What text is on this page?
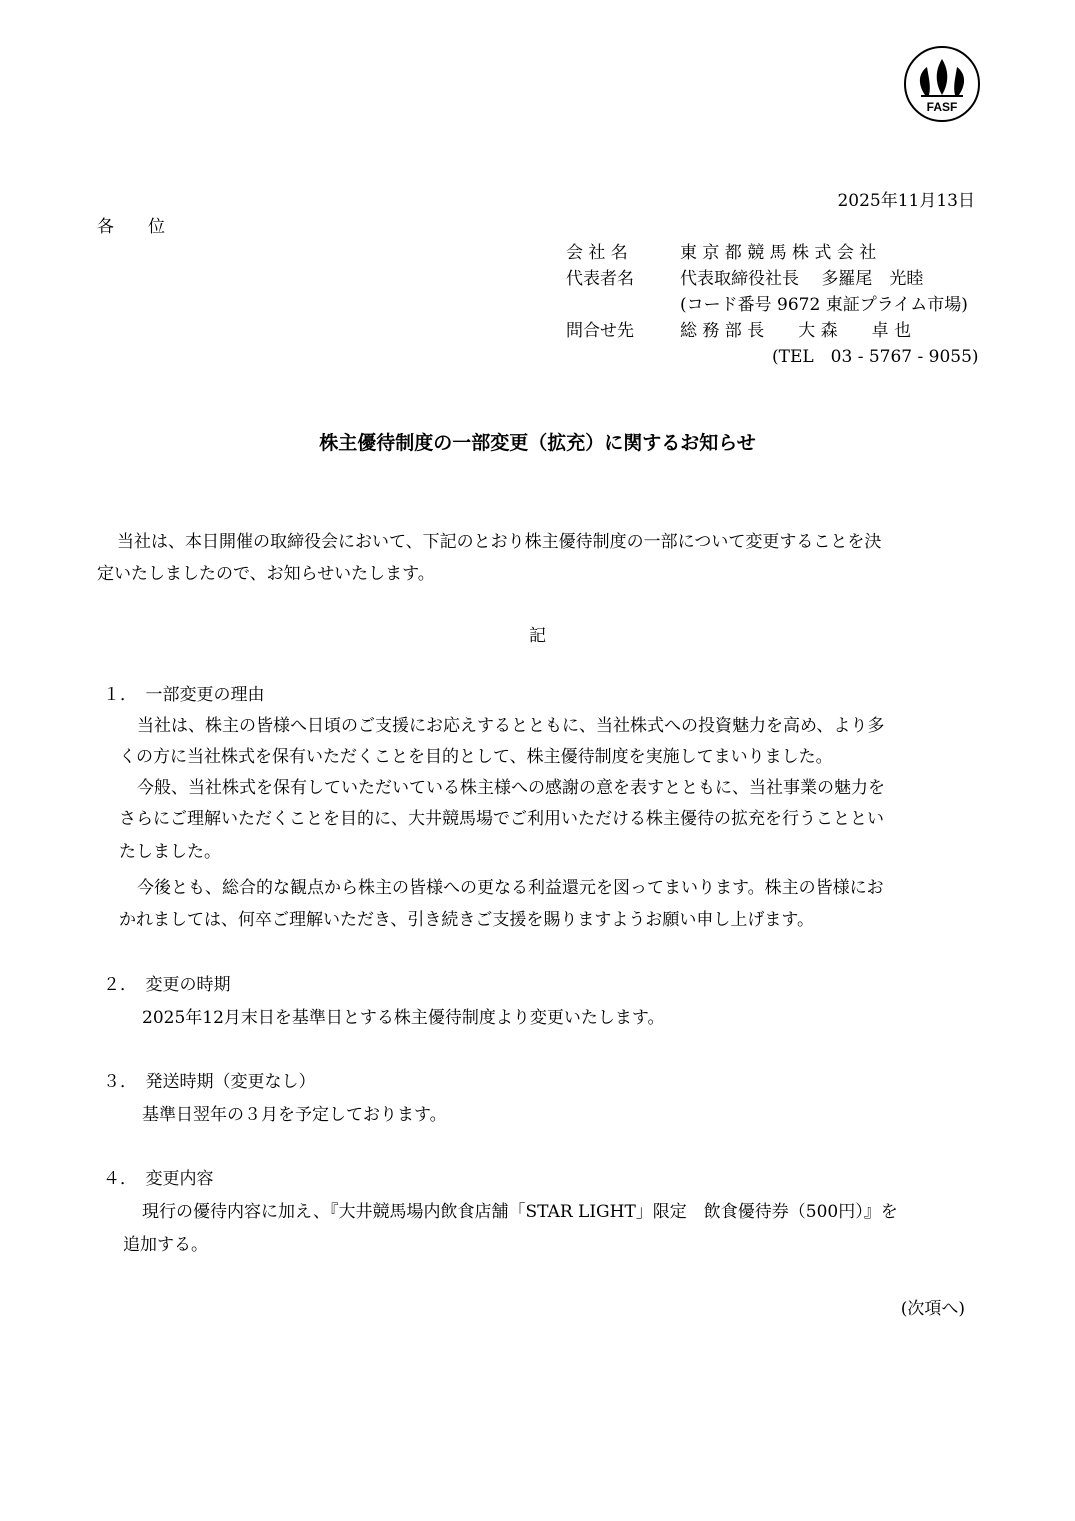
FASF
2025年11月13日
各　　位
会 社 名	東 京 都 競 馬 株 式 会 社
代表者名	代表取締役社長　 多羅尾　光睦
(コード番号 9672 東証プライム市場)
問合せ先	総 務 部 長　　大 森　　卓 也
(TEL　03 - 5767 - 9055)
株主優待制度の一部変更（拡充）に関するお知らせ
当社は、本日開催の取締役会において、下記のとおり株主優待制度の一部について変更することを決
定いたしましたので、お知らせいたします。
記
１．　一部変更の理由
当社は、株主の皆様へ日頃のご支援にお応えするとともに、当社株式への投資魅力を高め、より多
くの方に当社株式を保有いただくことを目的として、株主優待制度を実施してまいりました。
今般、当社株式を保有していただいている株主様への感謝の意を表すとともに、当社事業の魅力を
さらにご理解いただくことを目的に、大井競馬場でご利用いただける株主優待の拡充を行うこととい
たしました。
今後とも、総合的な観点から株主の皆様への更なる利益還元を図ってまいります。株主の皆様にお
かれましては、何卒ご理解いただき、引き続きご支援を賜りますようお願い申し上げます。
２．　変更の時期
2025年12月末日を基準日とする株主優待制度より変更いたします。
３．　発送時期（変更なし）
基準日翌年の３月を予定しております。
４．　変更内容
現行の優待内容に加え、『大井競馬場内飲食店舗「STAR LIGHT」限定　飲食優待券（500円）』を
追加する。
(次項へ)
